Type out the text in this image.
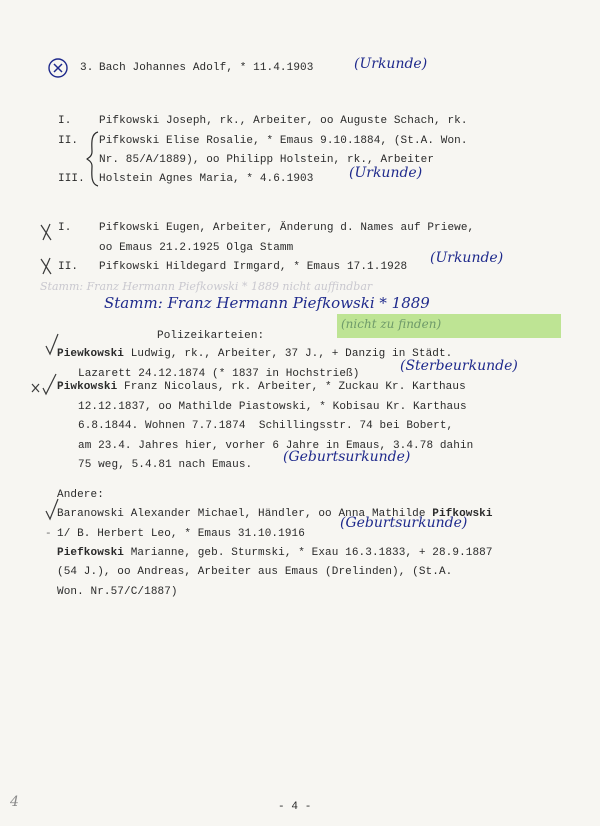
3. Bach Johannes Adolf, * 11.4.1903	(Urkunde)
I.	Pifkowski Joseph, rk., Arbeiter, oo Auguste Schach, rk.
II. Pifkowski Elise Rosalie, * Emaus 9.10.1884, (St.A. Won.
Nr. 85/A/1889), oo Philipp Holstein, rk., Arbeiter
III. Holstein Agnes Maria, * 4.6.1903	(Urkunde)
I.	Pifkowski Eugen, Arbeiter, Änderung d. Names auf Priewe,
oo Emaus 21.2.1925 Olga Stamm
II. Pifkowski Hildegard Irmgard, * Emaus 17.1.1928
(Urkunde)
Stamm: Franz Hermann Piefkowski * 1889 nicht auffindbar
Stamm: Franz Hermann Piefkowski * 1889
(nicht zu finden)
Polizeikarteien:
Piewkowski Ludwig, rk., Arbeiter, 37 J., + Danzig in Städt.
Lazarett 24.12.1874 (* 1837 in Hochstrieß)	(Sterbeurkunde)
Piwkowski Franz Nicolaus, rk. Arbeiter, * Zuckau Kr. Karthaus
12.12.1837, oo Mathilde Piastowski, * Kobisau Kr. Karthaus
6.8.1844. Wohnen 7.7.1874  Schillingsstr. 74 bei Bobert,
am 23.4. Jahres hier, vorher 6 Jahre in Emaus, 3.4.78 dahin
75 weg, 5.4.81 nach Emaus. (Geburtsurkunde)
Andere:
Baranowski Alexander Michael, Händler, oo Anna Mathilde Pifkowski
- 1/ B. Herbert Leo, * Emaus 31.10.1916
(Geburtsurkunde)
Piefkowski Marianne, geb. Sturmski, * Exau 16.3.1833, + 28.9.1887
(54 J.), oo Andreas, Arbeiter aus Emaus (Drelinden), (St.A.
Won. Nr.57/C/1887)
4	- 4 -
